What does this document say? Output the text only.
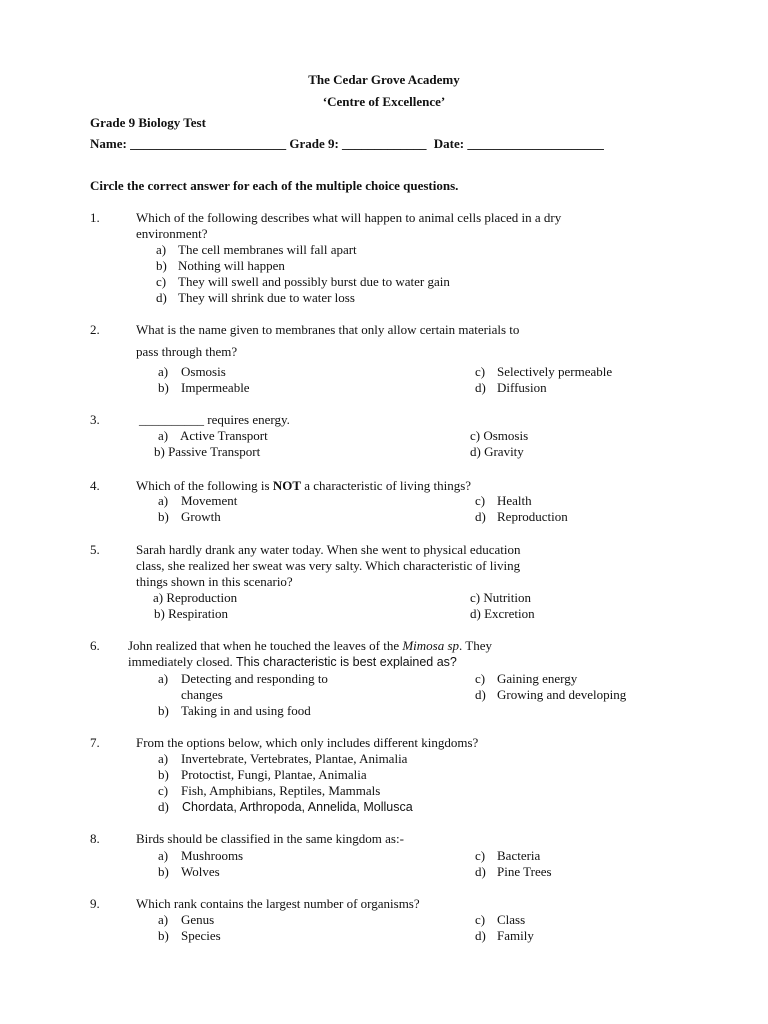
The Cedar Grove Academy
‘Centre of Excellence’
Grade 9 Biology Test
Name: ________________________ Grade 9: _____________ Date: _____________________
Circle the correct answer for each of the multiple choice questions.
1.	Which of the following describes what will happen to animal cells placed in a dry
environment?
a) The cell membranes will fall apart
b) Nothing will happen
c) They will swell and possibly burst due to water gain
d) They will shrink due to water loss
2.	What is the name given to membranes that only allow certain materials to
pass through them?
a) Osmosis
b) Impermeable
c) Selectively permeable
d) Diffusion
3.	__________ requires energy.
a) Active Transport
b) Passive Transport
c) Osmosis
d) Gravity
4.	Which of the following is NOT a characteristic of living things?
a) Movement
b) Growth
c) Health
d) Reproduction
5.	Sarah hardly drank any water today. When she went to physical education
class, she realized her sweat was very salty. Which characteristic of living
things shown in this scenario?
a) Reproduction
b) Respiration
c) Nutrition
d) Excretion
6. John realized that when he touched the leaves of the Mimosa sp. They
immediately closed. This characteristic is best explained as?
a) Detecting and responding to
changes
b) Taking in and using food
c) Gaining energy
d) Growing and developing
7.	From the options below, which only includes different kingdoms?
a) Invertebrate, Vertebrates, Plantae, Animalia
b) Protoctist, Fungi, Plantae, Animalia
c) Fish, Amphibians, Reptiles, Mammals
d) Chordata, Arthropoda, Annelida, Mollusca
8.	Birds should be classified in the same kingdom as:-
a) Mushrooms
b) Wolves
c) Bacteria
d) Pine Trees
9.	Which rank contains the largest number of organisms?
a) Genus
b) Species
c) Class
d) Family
